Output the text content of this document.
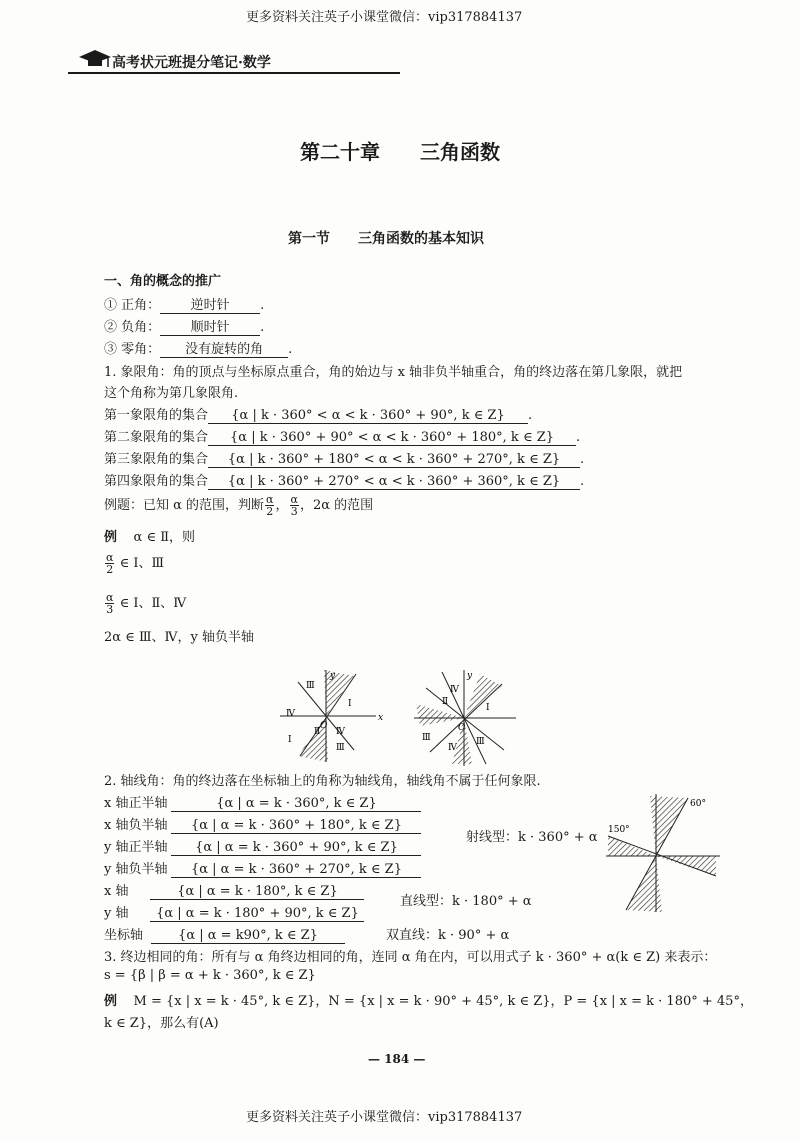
更多资料关注英子小课堂微信：vip317884137
高考状元班提分笔记·数学
第二十章　　三角函数
第一节　　三角函数的基本知识
一、角的概念的推广
① 正角： 逆时针 .
② 负角： 顺时针 .
③ 零角： 没有旋转的角 .
1. 象限角：角的顶点与坐标原点重合，角的始边与 x 轴非负半轴重合，角的终边落在第几象限，就把
这个角称为第几象限角.
第一象限角的集合 {α | k · 360° < α < k · 360° + 90°, k ∈ Z} .
第二象限角的集合 {α | k · 360° + 90° < α < k · 360° + 180°, k ∈ Z} .
第三象限角的集合 {α | k · 360° + 180° < α < k · 360° + 270°, k ∈ Z} .
第四象限角的集合 {α | k · 360° + 270° < α < k · 360° + 360°, k ∈ Z} .
例题：已知 α 的范围，判断 $\frac{\alpha}{2}$ ， $\frac{\alpha}{3}$ ，2α 的范围
例 α ∈ Ⅱ，则
$\frac{\alpha}{2}$ ∈ Ⅰ、Ⅲ
$\frac{\alpha}{3}$ ∈ Ⅰ、Ⅱ、Ⅳ
2α ∈ Ⅲ、Ⅳ，y 轴负半轴
x
y
O
Ⅰ
Ⅲ
Ⅳ
Ⅰ
Ⅲ
Ⅱ Ⅳ
y
O
Ⅳ
Ⅱ
Ⅰ
Ⅲ
Ⅳ
Ⅲ
2. 轴线角：角的终边落在坐标轴上的角称为轴线角，轴线角不属于任何象限.
x 轴正半轴	{α | α = k · 360°, k ∈ Z}
x 轴负半轴 {α | α = k · 360° + 180°, k ∈ Z}
y 轴正半轴 {α | α = k · 360° + 90°, k ∈ Z}
y 轴负半轴 {α | α = k · 360° + 270°, k ∈ Z}
x 轴	{α | α = k · 180°, k ∈ Z}
y 轴 {α | α = k · 180° + 90°, k ∈ Z}
坐标轴	{α | α = k90°, k ∈ Z}
射线型：k · 360° + α
直线型：k · 180° + α
双直线：k · 90° + α
60°
150°
3. 终边相同的角：所有与 α 角终边相同的角，连同 α 角在内，可以用式子 k · 360° + α(k ∈ Z) 来表示：
s = {β | β = α + k · 360°, k ∈ Z}
例 M = {x | x = k · 45°, k ∈ Z}，N = {x | x = k · 90° + 45°, k ∈ Z}，P = {x | x = k · 180° + 45°，
k ∈ Z}，那么有(A)
— 184 —
更多资料关注英子小课堂微信：vip317884137
